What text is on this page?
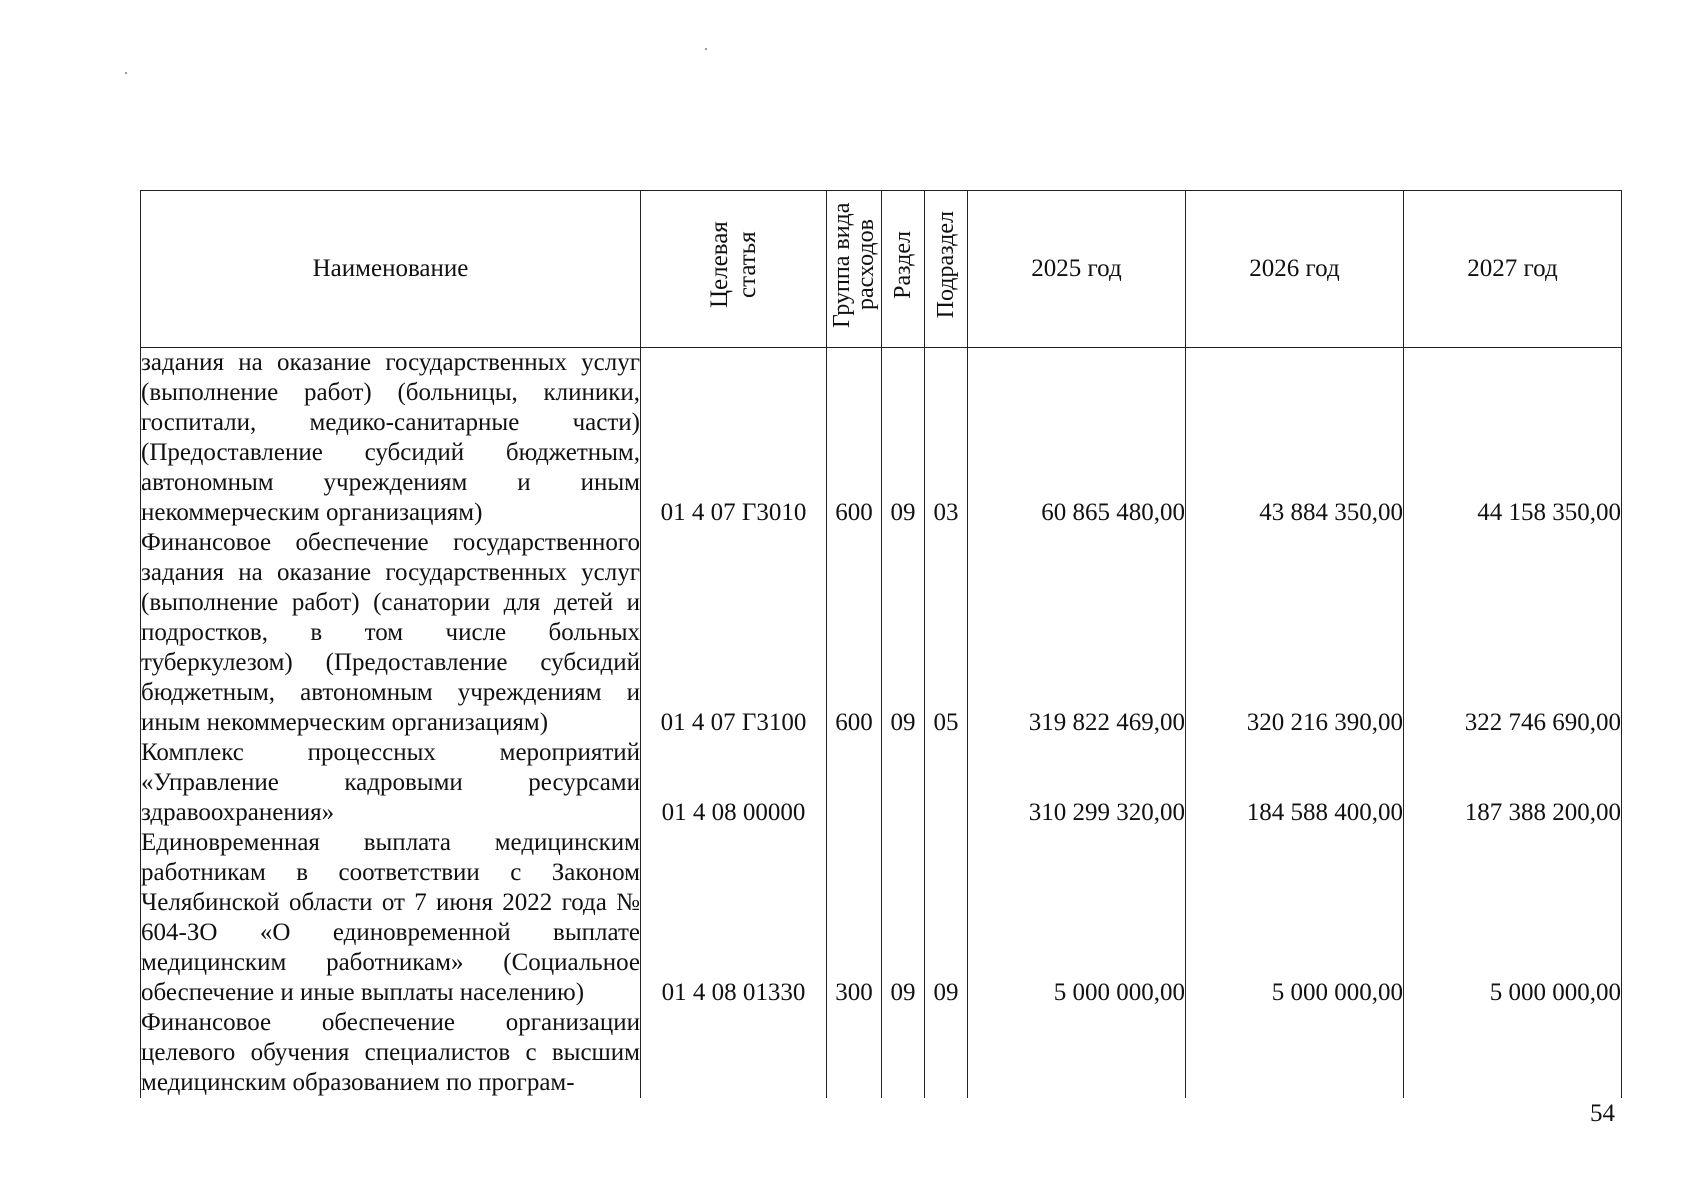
Наименование	Целевая статья	Группа вида расходов	Раздел	Подраздел	2025 год	2026 год	2027 год
задания на оказание государственных услуг (выполнение работ) (больницы, клиники, госпитали, медико-санитарные части) (Предоставление субсидий бюджетным, автономным учреждениям и иным некоммерческим организациям)	01 4 07 Г3010	600	09	03	60 865 480,00	43 884 350,00	44 158 350,00
Финансовое обеспечение государственного задания на оказание государственных услуг (выполнение работ) (санатории для детей и подростков, в том числе больных туберкулезом) (Предоставление субсидий бюджетным, автономным учреждениям и иным некоммерческим организациям)	01 4 07 Г3100	600	09	05	319 822 469,00	320 216 390,00	322 746 690,00
Комплекс процессных мероприятий «Управление кадровыми ресурсами здравоохранения»	01 4 08 00000				310 299 320,00	184 588 400,00	187 388 200,00
Единовременная выплата медицинским работникам в соответствии с Законом Челябинской области от 7 июня 2022 года № 604-ЗО «О единовременной выплате медицинским работникам» (Социальное обеспечение и иные выплаты населению)	01 4 08 01330	300	09	09	5 000 000,00	5 000 000,00	5 000 000,00
Финансовое обеспечение организации целевого обучения специалистов с высшим медицинским образованием по програм-							
54
